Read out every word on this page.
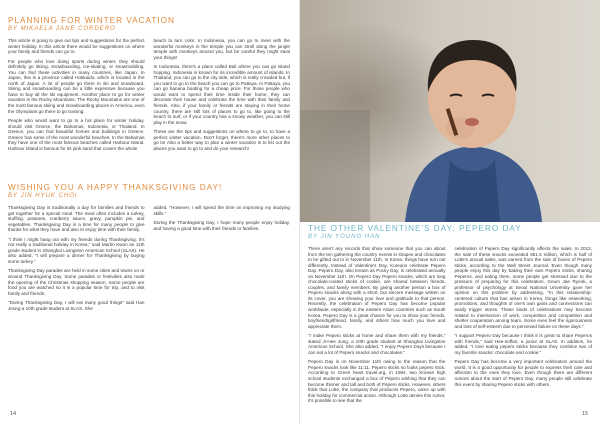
PLANNING FOR WINTER VACATION
BY MIKAELA JANE CORDERO

This article is going to give out tips and suggestions for the perfect winter holiday. In this article there would be suggestions on where your family and friends can go to.

For people who love doing sports during winter, they should definitely go skiing, snowboarding, ice-skating, or snowmobiling. You can find these activities in many countries, like Japan. In Japan, this is a province called Hokkaido, which is located in the north of Japan. A lot of people go there to ski and snowboard. Skiing and snowboarding can be a little expensive because you have to buy all the ski equipment. Another place to go for winter vacation is the Rocky Mountains. The Rocky Mountains are one of the most famous skiing and snowboarding places in America, even the Olympians go there to go training.

People who would want to go to a hot place for winter holiday, should visit Greece, the Bahamas, Indonesia, or Thailand. In Greece, you can find beautiful homes and buildings in Greece. Greece has some of the most wonderful beaches. In the Bahamas they have one of the most famous beaches called Harbour Island. Harbour Island is famous for its pink sand that covers the whole

beach to turn color. In Indonesia, you can go to meet with the wonderful monkeys in the temple you can stroll along the jungle temple with monkeys around you, but be careful they might steal your things!

In Indonesia, there's a place called Bali where you can go island hopping. Indonesia is known for its incredible amount of islands. In Thailand, you can go to the city side, which is really crowded but, if you want to go to the beach you can go to Pattaya. In Pattaya, you can go banana boating for a cheap price. For those people who would want to spend their time inside their home, they can decorate their house and celebrate the time with their family and friends. Also, if your family or friends are staying in their home country, there are still lots of places to go to, like going to the beach to surf, or if your country has a snowy weather, you can still play in the snow.

These are the tips and suggestions on where to go to, to have a perfect winter vacation. Don't forget, there's more other places to go to! Also a better way to plan a winter vacation is to list out the places you want to go to and do your research!

WISHING YOU A HAPPY THANKSGIVING DAY!
BY JIN HYUK CHOI

Thanksgiving Day is traditionally a day for families and friends to get together for a special meal. The meal often includes a turkey, stuffing, potatoes, cranberry sauce, gravy, pumpkin pie, and vegetables. Thanksgiving Day is a time for many people to give thanks for what they have and also to enjoy time with their family.

"I think I might hang out with my friends during Thanksgiving. It's not really a traditional holiday in Korea," said Martin Kwon an 11th grade student in Shanghai Livingston American School (SLAS). He also added, "I will prepare a dinner for Thanksgiving by buying some turkey."

Thanksgiving Day parades are held in some cities and towns on or around Thanksgiving Day. Some parades or festivities also mark the opening of the Christmas shopping season. Some people are food you are watched so it is a popular time for trip, and to visit family and friends.

"During Thanksgiving Day, I will eat many good things" said Han Jeong a 10th grade student at SLAS. She

added, "However, I will spend the time on improving my studying skills."

During the Thanksgiving Day, I hope many people enjoy holiday, and having a good time with their friends or families.

14
THE OTHER VALENTINE'S DAY: PEPERO DAY
BY JIN YOUNG HAN

There aren't any records that show someone that you can about from the ten gathering the country events in shapes and chocolates to be gifted out to in November 11th. In Korea, things have turn out differently. Instead of Valentine's Day, Koreans celebrate Pepero Day. Pepero Day, also known as Pocky Day, is celebrated annually on November 11th. On Pepero Day Pepero snacks, which are long chocolate-coated sticks of cookie, are shared between friends, couples, and family members. By giving another person a box of Pepero snacks along with a short, but sincere message written on its cover, you are showing your love and gratitude to that person. Recently, the celebration of Pepero Day has become popular worldwide, especially in the eastern Asian countries such as South Korea. Pepero Day is a great chance for you to show your friends, boyfriend/girlfriend, family, and others how much you love and appreciate them.

"I make Pepero sticks at home and share them with my friends," stated Ji-Hee Jung, a 10th grade student at Shanghai Livingston American School. She also added, "I enjoy Pepero Days because I can eat a lot of Pepero snacks and chocolates."

Pepero Day is on November 11th owing to the reason that the Pepero snacks look like 11:11. Pepero sticks so looks pepero stick. According to Green heart travel.org, in 1994, two Korean high school students exchanged a box of Pepero wishing that they can become thinner and tall and both of Pepero sticks. However, others think that Lotte, the company that produces Pepero, came up with this holiday for commercial action. Although Lotte denies this rumor, it's possible to see that the

celebration of Pepero Day significantly affects the sales. In 2012, the sale of these snacks exceeded 581.6 million, which is half of Lotte's annual sales, was earned from the sale of boxes of Pepero sticks, according to the Wall Street Journal. Even though many people enjoy this day by baking their own Pepero sticks, sharing Peperos, and eating them, some people get stressed due to the pressure of preparing for this celebration. Geum Jae Ryeok, a professor of psychology at Seoul National University gave her opinion on this problem by addressing, "In this relationship-centered culture that has arisen in Korea, things like networking, promotions, and thoughts of one's own gains and connections can easily trigger stress. These kinds of celebrations may become related to intersection of work, competition and competition and shelter cooperation among team. Some even feel the rigorousness and loss of self-esteem due to perceived failure on these days."

"I support Pepero Day because I think it is great to share Peperos with friends," said Hee-soffan, a junior at SLAS. In addition, he added, "I love eating pepero sticks because they combine two of my favorite snacks: chocolate and cookie."

Pepero Day has become a very important celebration around the world. It is a good opportunity for people to express their care and affection to the ones they love. Even though there are different rumors about the start of Pepero Day, many people still celebrate this event by sharing Pepero sticks with others.

15
